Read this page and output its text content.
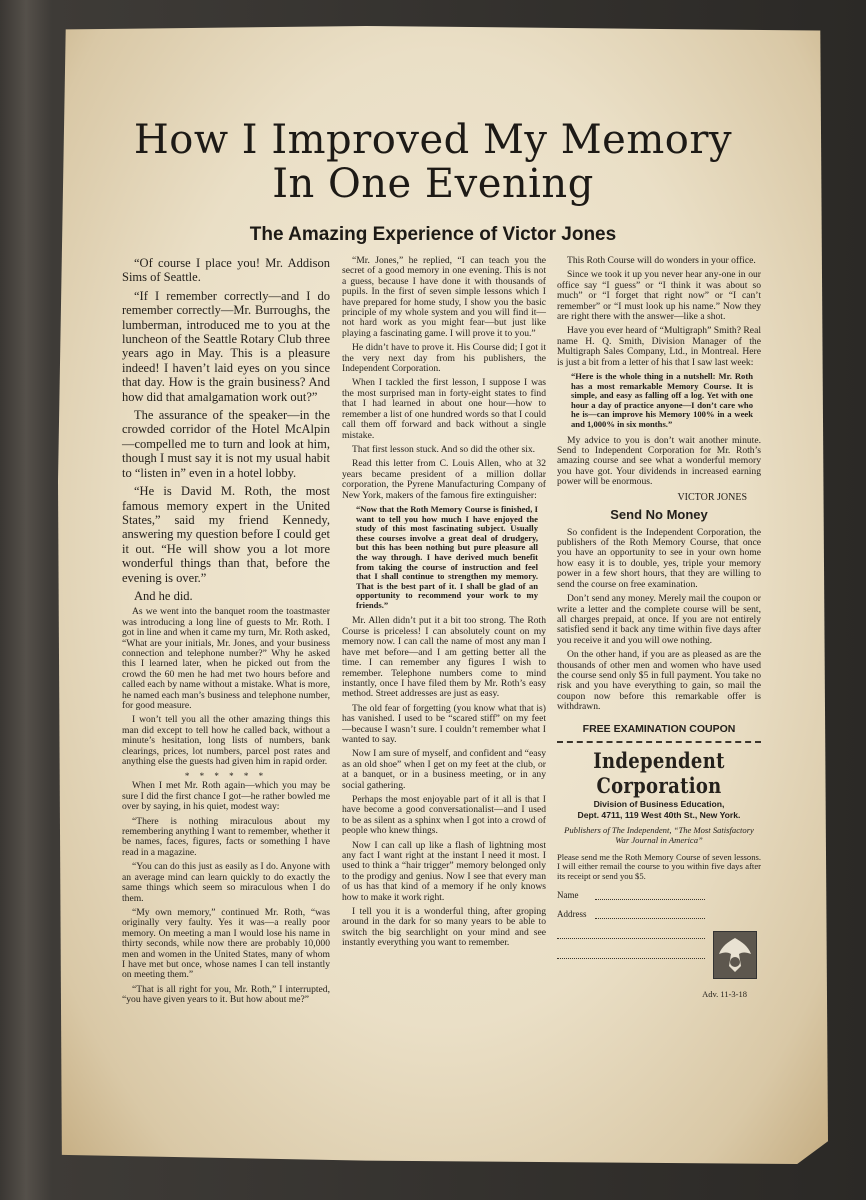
How I Improved My Memory
In One Evening
The Amazing Experience of Victor Jones

“Of course I place you! Mr. Addison Sims of Seattle.

“If I remember correctly—and I do remember correctly—Mr. Burroughs, the lumberman, introduced me to you at the luncheon of the Seattle Rotary Club three years ago in May. This is a pleasure indeed! I haven’t laid eyes on you since that day. How is the grain business? And how did that amalgamation work out?”

The assurance of the speaker—in the crowded corridor of the Hotel McAlpin—compelled me to turn and look at him, though I must say it is not my usual habit to “listen in” even in a hotel lobby.

“He is David M. Roth, the most famous memory expert in the United States,” said my friend Kennedy, answering my question before I could get it out. “He will show you a lot more wonderful things than that, before the evening is over.”

And he did.

As we went into the banquet room the toastmaster was introducing a long line of guests to Mr. Roth. I got in line and when it came my turn, Mr. Roth asked, “What are your initials, Mr. Jones, and your business connection and telephone number?” Why he asked this I learned later, when he picked out from the crowd the 60 men he had met two hours before and called each by name without a mistake. What is more, he named each man’s business and telephone number, for good measure.

I won’t tell you all the other amazing things this man did except to tell how he called back, without a minute’s hesitation, long lists of numbers, bank clearings, prices, lot numbers, parcel post rates and anything else the guests had given him in rapid order.

* * * * * *

When I met Mr. Roth again—which you may be sure I did the first chance I got—he rather bowled me over by saying, in his quiet, modest way:

“There is nothing miraculous about my remembering anything I want to remember, whether it be names, faces, figures, facts or something I have read in a magazine.

“You can do this just as easily as I do. Anyone with an average mind can learn quickly to do exactly the same things which seem so miraculous when I do them.

“My own memory,” continued Mr. Roth, “was originally very faulty. Yes it was—a really poor memory. On meeting a man I would lose his name in thirty seconds, while now there are probably 10,000 men and women in the United States, many of whom I have met but once, whose names I can tell instantly on meeting them.”

“That is all right for you, Mr. Roth,” I interrupted, “you have given years to it. But how about me?”

“Mr. Jones,” he replied, “I can teach you the secret of a good memory in one evening. This is not a guess, because I have done it with thousands of pupils. In the first of seven simple lessons which I have prepared for home study, I show you the basic principle of my whole system and you will find it—not hard work as you might fear—but just like playing a fascinating game. I will prove it to you.”

He didn’t have to prove it. His Course did; I got it the very next day from his publishers, the Independent Corporation.

When I tackled the first lesson, I suppose I was the most surprised man in forty-eight states to find that I had learned in about one hour—how to remember a list of one hundred words so that I could call them off forward and back without a single mistake.

That first lesson stuck. And so did the other six.

Read this letter from C. Louis Allen, who at 32 years became president of a million dollar corporation, the Pyrene Manufacturing Company of New York, makers of the famous fire extinguisher:

“Now that the Roth Memory Course is finished, I want to tell you how much I have enjoyed the study of this most fascinating subject. Usually these courses involve a great deal of drudgery, but this has been nothing but pure pleasure all the way through. I have derived much benefit from taking the course of instruction and feel that I shall continue to strengthen my memory. That is the best part of it. I shall be glad of an opportunity to recommend your work to my friends.”

Mr. Allen didn’t put it a bit too strong. The Roth Course is priceless! I can absolutely count on my memory now. I can call the name of most any man I have met before—and I am getting better all the time. I can remember any figures I wish to remember. Telephone numbers come to mind instantly, once I have filed them by Mr. Roth’s easy method. Street addresses are just as easy.

The old fear of forgetting (you know what that is) has vanished. I used to be “scared stiff” on my feet—because I wasn’t sure. I couldn’t remember what I wanted to say.

Now I am sure of myself, and confident and “easy as an old shoe” when I get on my feet at the club, or at a banquet, or in a business meeting, or in any social gathering.

Perhaps the most enjoyable part of it all is that I have become a good conversationalist—and I used to be as silent as a sphinx when I got into a crowd of people who knew things.

Now I can call up like a flash of lightning most any fact I want right at the instant I need it most. I used to think a “hair trigger” memory belonged only to the prodigy and genius. Now I see that every man of us has that kind of a memory if he only knows how to make it work right.

I tell you it is a wonderful thing, after groping around in the dark for so many years to be able to switch the big searchlight on your mind and see instantly everything you want to remember.

This Roth Course will do wonders in your office.

Since we took it up you never hear any-one in our office say “I guess” or “I think it was about so much” or “I forget that right now” or “I can’t remember” or “I must look up his name.” Now they are right there with the answer—like a shot.

Have you ever heard of “Multigraph” Smith? Real name H. Q. Smith, Division Manager of the Multigraph Sales Company, Ltd., in Montreal. Here is just a bit from a letter of his that I saw last week:

“Here is the whole thing in a nutshell: Mr. Roth has a most remarkable Memory Course. It is simple, and easy as falling off a log. Yet with one hour a day of practice anyone—I don’t care who he is—can improve his Memory 100% in a week and 1,000% in six months.”

My advice to you is don’t wait another minute. Send to Independent Corporation for Mr. Roth’s amazing course and see what a wonderful memory you have got. Your dividends in increased earning power will be enormous.

VICTOR JONES

Send No Money

So confident is the Independent Corporation, the publishers of the Roth Memory Course, that once you have an opportunity to see in your own home how easy it is to double, yes, triple your memory power in a few short hours, that they are willing to send the course on free examination.

Don’t send any money. Merely mail the coupon or write a letter and the complete course will be sent, all charges prepaid, at once. If you are not entirely satisfied send it back any time within five days after you receive it and you will owe nothing.

On the other hand, if you are as pleased as are the thousands of other men and women who have used the course send only $5 in full payment. You take no risk and you have everything to gain, so mail the coupon now before this remarkable offer is withdrawn.

FREE EXAMINATION COUPON
Independent Corporation
Division of Business Education,
Dept. 4711, 119 West 40th St., New York.
Publishers of The Independent, “The Most Satisfactory War Journal in America”

Please send me the Roth Memory Course of seven lessons. I will either remail the course to you within five days after its receipt or send you $5.

Name
Address
Adv. 11-3-18
